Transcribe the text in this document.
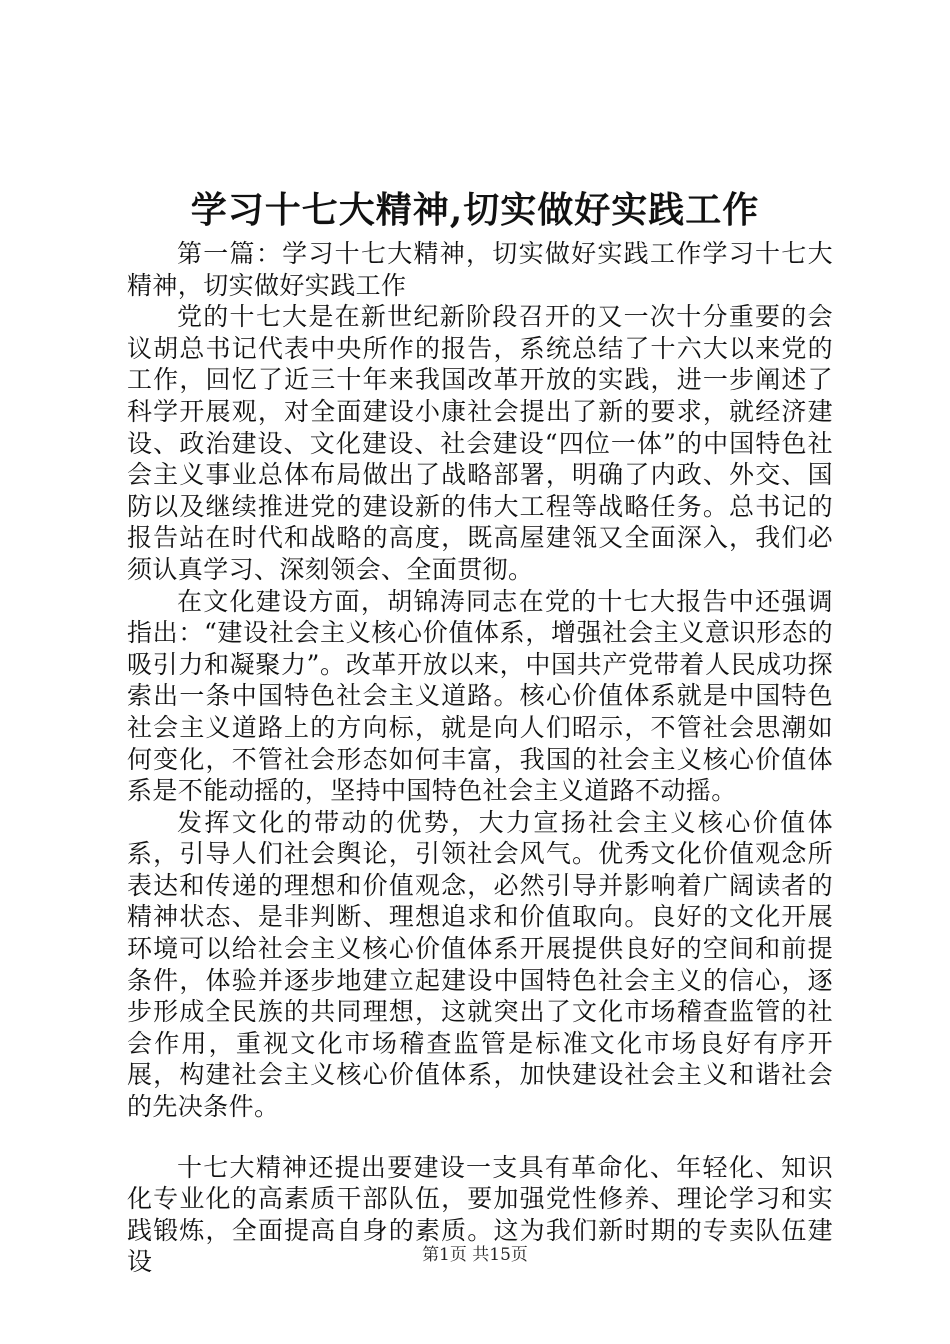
学习十七大精神,切实做好实践工作

第一篇：学习十七大精神，切实做好实践工作学习十七大精神，切实做好实践工作

党的十七大是在新世纪新阶段召开的又一次十分重要的会议胡总书记代表中央所作的报告，系统总结了十六大以来党的工作，回忆了近三十年来我国改革开放的实践，进一步阐述了科学开展观，对全面建设小康社会提出了新的要求，就经济建设、政治建设、文化建设、社会建设“四位一体”的中国特色社会主义事业总体布局做出了战略部署，明确了内政、外交、国防以及继续推进党的建设新的伟大工程等战略任务。总书记的报告站在时代和战略的高度，既高屋建瓴又全面深入，我们必须认真学习、深刻领会、全面贯彻。

在文化建设方面，胡锦涛同志在党的十七大报告中还强调指出：“建设社会主义核心价值体系，增强社会主义意识形态的吸引力和凝聚力”。改革开放以来，中国共产党带着人民成功探索出一条中国特色社会主义道路。核心价值体系就是中国特色社会主义道路上的方向标，就是向人们昭示，不管社会思潮如何变化，不管社会形态如何丰富，我国的社会主义核心价值体系是不能动摇的，坚持中国特色社会主义道路不动摇。

发挥文化的带动的优势，大力宣扬社会主义核心价值体系，引导人们社会舆论，引领社会风气。优秀文化价值观念所表达和传递的理想和价值观念，必然引导并影响着广阔读者的精神状态、是非判断、理想追求和价值取向。良好的文化开展环境可以给社会主义核心价值体系开展提供良好的空间和前提条件，体验并逐步地建立起建设中国特色社会主义的信心，逐步形成全民族的共同理想，这就突出了文化市场稽查监管的社会作用，重视文化市场稽查监管是标准文化市场良好有序开展，构建社会主义核心价值体系，加快建设社会主义和谐社会的先决条件。

十七大精神还提出要建设一支具有革命化、年轻化、知识化专业化的高素质干部队伍，要加强党性修养、理论学习和实践锻炼，全面提高自身的素质。这为我们新时期的专卖队伍建设	第1页 共15页
